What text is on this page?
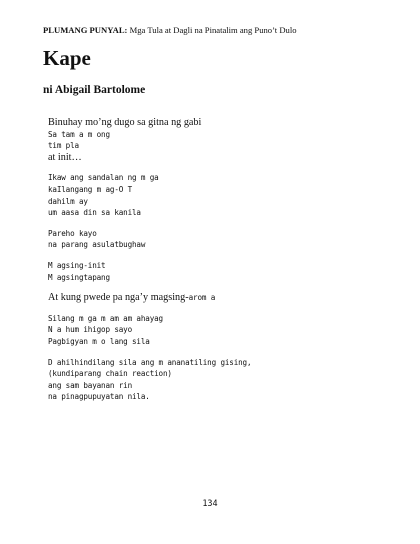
PLUMANG PUNYAL: Mga Tula at Dagli na Pinatalim ang Puno’t Dulo
Kape
ni Abigail Bartolome
Binuhay mo’ng dugo sa gitna ng gabi
Sa tam a m ong
tim pla
at init…
Ikaw ang sandalan ng m ga
kaIlangang m ag-O T
dahilm ay
um aasa din sa kanila
Pareho kayo
na parang asulatbughaw
M agsing-init
M agsingtapang
At kung pwede pa nga’y magsing-arom a
Silang m ga m am am ahayag
N a hum ihigop sayo
Pagbigyan m o lang sila
D ahilhindilang sila ang m ananatiling gising,
(kundiparang chain reaction)
ang sam bayanan rin
na pinagpupuyatan nila.
134
